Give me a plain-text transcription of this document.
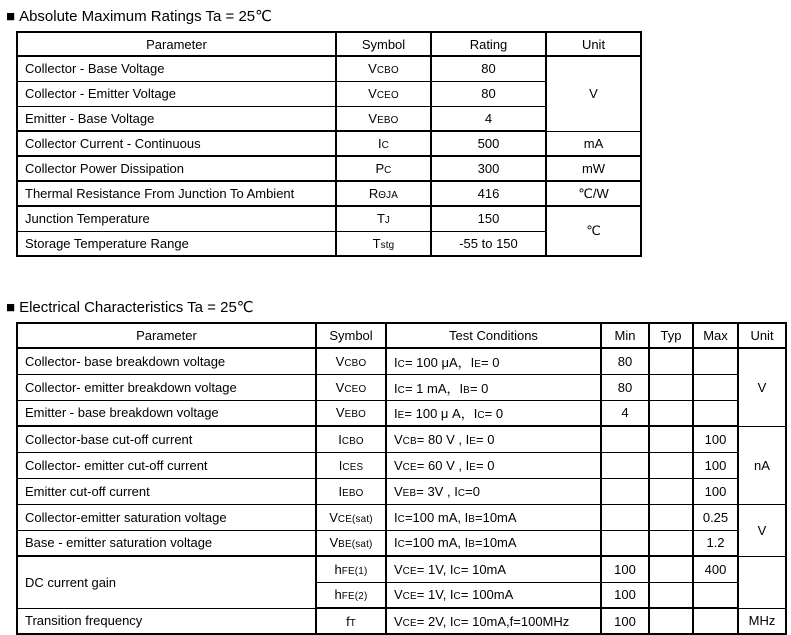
■ Absolute Maximum Ratings Ta = 25℃
Parameter	Symbol	Rating	Unit
Collector - Base Voltage	VCBO	80	V
Collector - Emitter Voltage	VCEO	80	
Emitter - Base Voltage	VEBO	4	
Collector Current - Continuous	IC	500	mA
Collector Power Dissipation	PC	300	mW
Thermal Resistance From Junction To Ambient	RΘJA	416	℃/W
Junction Temperature	TJ	150	℃
Storage Temperature Range	Tstg	-55 to 150	
■ Electrical Characteristics Ta = 25℃
Parameter	Symbol	Test Conditions	Min	Typ	Max	Unit
Collector- base breakdown voltage	VCBO	IC= 100 μA，IE= 0	80			V
Collector- emitter breakdown voltage	VCEO	IC= 1 mA，IB= 0	80			
Emitter - base breakdown voltage	VEBO	IE= 100 μ A，IC= 0	4			
Collector-base cut-off current	ICBO	VCB= 80 V , IE= 0			100	nA
Collector- emitter cut-off current	ICES	VCE= 60 V , IE= 0			100	
Emitter cut-off current	IEBO	VEB= 3V , IC=0			100	
Collector-emitter saturation voltage	VCE(sat)	IC=100 mA, IB=10mA			0.25	V
Base - emitter saturation voltage	VBE(sat)	IC=100 mA, IB=10mA			1.2	
DC current gain	hFE(1)	VCE= 1V, IC= 10mA	100		400	
	hFE(2)	VCE= 1V, IC= 100mA	100			
Transition frequency	fT	VCE= 2V, IC= 10mA,f=100MHz	100			MHz
